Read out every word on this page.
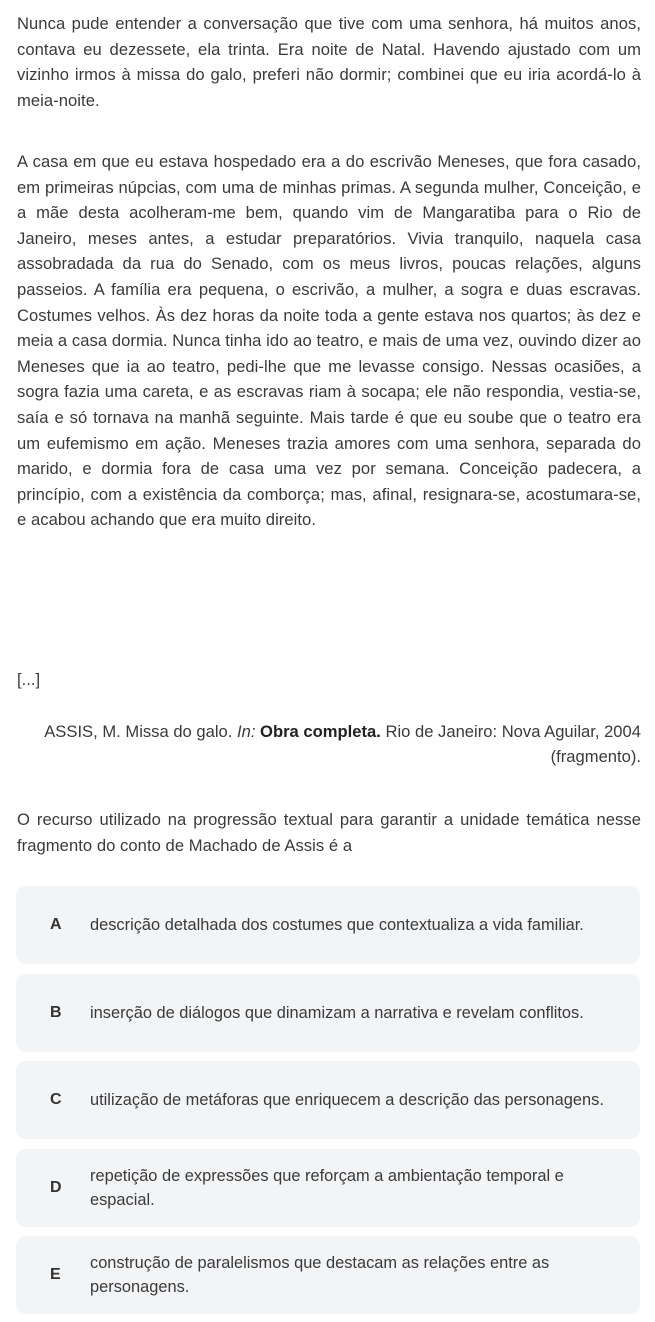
Nunca pude entender a conversação que tive com uma senhora, há muitos anos, contava eu dezessete, ela trinta. Era noite de Natal. Havendo ajustado com um vizinho irmos à missa do galo, preferi não dormir; combinei que eu iria acordá-lo à meia-noite.

A casa em que eu estava hospedado era a do escrivão Meneses, que fora casado, em primeiras núpcias, com uma de minhas primas. A segunda mulher, Conceição, e a mãe desta acolheram-me bem, quando vim de Mangaratiba para o Rio de Janeiro, meses antes, a estudar preparatórios. Vivia tranquilo, naquela casa assobradada da rua do Senado, com os meus livros, poucas relações, alguns passeios. A família era pequena, o escrivão, a mulher, a sogra e duas escravas. Costumes velhos. Às dez horas da noite toda a gente estava nos quartos; às dez e meia a casa dormia. Nunca tinha ido ao teatro, e mais de uma vez, ouvindo dizer ao Meneses que ia ao teatro, pedi-lhe que me levasse consigo. Nessas ocasiões, a sogra fazia uma careta, e as escravas riam à socapa; ele não respondia, vestia-se, saía e só tornava na manhã seguinte. Mais tarde é que eu soube que o teatro era um eufemismo em ação. Meneses trazia amores com uma senhora, separada do marido, e dormia fora de casa uma vez por semana. Conceição padecera, a princípio, com a existência da comborça; mas, afinal, resignara-se, acostumara-se, e acabou achando que era muito direito.

[...]
ASSIS, M. Missa do galo. In: Obra completa. Rio de Janeiro: Nova Aguilar, 2004
(fragmento).

O recurso utilizado na progressão textual para garantir a unidade temática nesse fragmento do conto de Machado de Assis é a

A descrição detalhada dos costumes que contextualiza a vida familiar.
B inserção de diálogos que dinamizam a narrativa e revelam conflitos.
C utilização de metáforas que enriquecem a descrição das personagens.
D
repetição de expressões que reforçam a ambientação temporal e espacial.
E
construção de paralelismos que destacam as relações entre as personagens.
